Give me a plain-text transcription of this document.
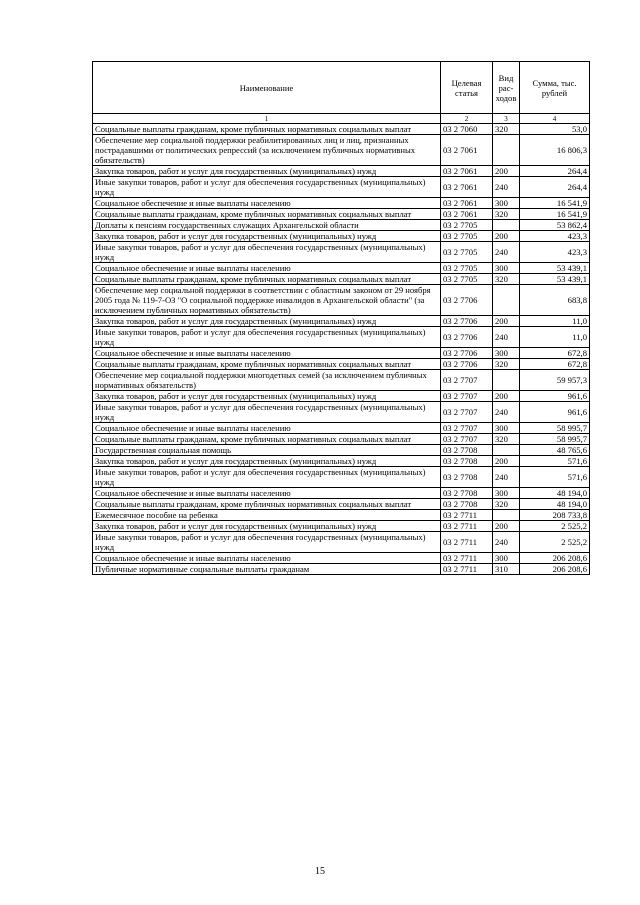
Наименование	Целевая статья	Вид рас-ходов	Сумма, тыс. рублей
1	2	3	4
Социальные выплаты гражданам, кроме публичных нормативных социальных выплат	03 2 7060	320	53,0
Обеспечение мер социальной поддержки реабилитированных лиц и лиц, признанных пострадавшими от политических репрессий (за исключением публичных нормативных обязательств)	03 2 7061		16 806,3
Закупка товаров, работ и услуг для государственных (муниципальных) нужд	03 2 7061	200	264,4
Иные закупки товаров, работ и услуг для обеспечения государственных (муниципальных) нужд	03 2 7061	240	264,4
Социальное обеспечение и иные выплаты населению	03 2 7061	300	16 541,9
Социальные выплаты гражданам, кроме публичных нормативных социальных выплат	03 2 7061	320	16 541,9
Доплаты к пенсиям государственных служащих Архангельской области	03 2 7705		53 862,4
Закупка товаров, работ и услуг для государственных (муниципальных) нужд	03 2 7705	200	423,3
Иные закупки товаров, работ и услуг для обеспечения государственных (муниципальных) нужд	03 2 7705	240	423,3
Социальное обеспечение и иные выплаты населению	03 2 7705	300	53 439,1
Социальные выплаты гражданам, кроме публичных нормативных социальных выплат	03 2 7705	320	53 439,1
Обеспечение мер социальной поддержки в соответствии с областным законом от 29 ноября 2005 года № 119-7-ОЗ "О социальной поддержке инвалидов в Архангельской области" (за исключением публичных нормативных обязательств)	03 2 7706		683,8
Закупка товаров, работ и услуг для государственных (муниципальных) нужд	03 2 7706	200	11,0
Иные закупки товаров, работ и услуг для обеспечения государственных (муниципальных) нужд	03 2 7706	240	11,0
Социальное обеспечение и иные выплаты населению	03 2 7706	300	672,8
Социальные выплаты гражданам, кроме публичных нормативных социальных выплат	03 2 7706	320	672,8
Обеспечение мер социальной поддержки многодетных семей (за исключением публичных нормативных обязательств)	03 2 7707		59 957,3
Закупка товаров, работ и услуг для государственных (муниципальных) нужд	03 2 7707	200	961,6
Иные закупки товаров, работ и услуг для обеспечения государственных (муниципальных) нужд	03 2 7707	240	961,6
Социальное обеспечение и иные выплаты населению	03 2 7707	300	58 995,7
Социальные выплаты гражданам, кроме публичных нормативных социальных выплат	03 2 7707	320	58 995,7
Государственная социальная помощь	03 2 7708		48 765,6
Закупка товаров, работ и услуг для государственных (муниципальных) нужд	03 2 7708	200	571,6
Иные закупки товаров, работ и услуг для обеспечения государственных (муниципальных) нужд	03 2 7708	240	571,6
Социальное обеспечение и иные выплаты населению	03 2 7708	300	48 194,0
Социальные выплаты гражданам, кроме публичных нормативных социальных выплат	03 2 7708	320	48 194,0
Ежемесячное пособие на ребенка	03 2 7711		208 733,8
Закупка товаров, работ и услуг для государственных (муниципальных) нужд	03 2 7711	200	2 525,2
Иные закупки товаров, работ и услуг для обеспечения государственных (муниципальных) нужд	03 2 7711	240	2 525,2
Социальное обеспечение и иные выплаты населению	03 2 7711	300	206 208,6
Публичные нормативные социальные выплаты гражданам	03 2 7711	310	206 208,6
15
